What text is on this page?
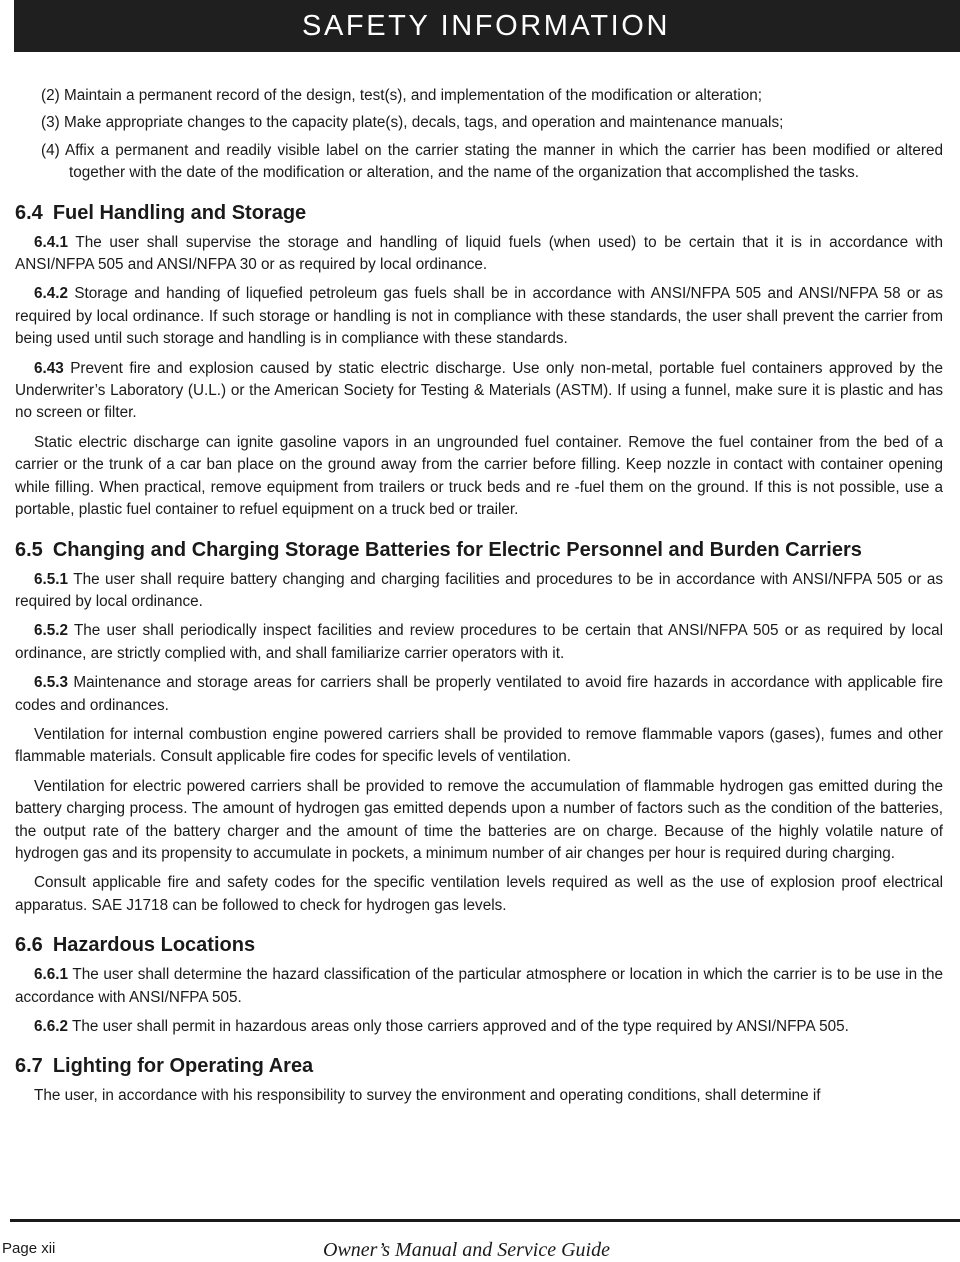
SAFETY INFORMATION

(2) Maintain a permanent record of the design, test(s), and implementation of the modification or alteration;

(3) Make appropriate changes to the capacity plate(s), decals, tags, and operation and maintenance manuals;

(4) Affix a permanent and readily visible label on the carrier stating the manner in which the carrier has been modified or altered together with the date of the modification or alteration, and the name of the organization that accomplished the tasks.

6.4 Fuel Handling and Storage

6.4.1 The user shall supervise the storage and handling of liquid fuels (when used) to be certain that it is in accordance with ANSI/NFPA 505 and ANSI/NFPA 30 or as required by local ordinance.

6.4.2 Storage and handing of liquefied petroleum gas fuels shall be in accordance with ANSI/NFPA 505 and ANSI/NFPA 58 or as required by local ordinance. If such storage or handling is not in compliance with these standards, the user shall prevent the carrier from being used until such storage and handling is in compliance with these standards.

6.43 Prevent fire and explosion caused by static electric discharge. Use only non-metal, portable fuel containers approved by the Underwriter’s Laboratory (U.L.) or the American Society for Testing & Materials (ASTM). If using a funnel, make sure it is plastic and has no screen or filter.

Static electric discharge can ignite gasoline vapors in an ungrounded fuel container. Remove the fuel container from the bed of a carrier or the trunk of a car ban place on the ground away from the carrier before filling. Keep nozzle in contact with container opening while filling. When practical, remove equipment from trailers or truck beds and re -fuel them on the ground. If this is not possible, use a portable, plastic fuel container to refuel equipment on a truck bed or trailer.

6.5 Changing and Charging Storage Batteries for Electric Personnel and Burden Carriers

6.5.1 The user shall require battery changing and charging facilities and procedures to be in accordance with ANSI/NFPA 505 or as required by local ordinance.

6.5.2 The user shall periodically inspect facilities and review procedures to be certain that ANSI/NFPA 505 or as required by local ordinance, are strictly complied with, and shall familiarize carrier operators with it.

6.5.3 Maintenance and storage areas for carriers shall be properly ventilated to avoid fire hazards in accordance with applicable fire codes and ordinances.

Ventilation for internal combustion engine powered carriers shall be provided to remove flammable vapors (gases), fumes and other flammable materials. Consult applicable fire codes for specific levels of ventilation.

Ventilation for electric powered carriers shall be provided to remove the accumulation of flammable hydrogen gas emitted during the battery charging process. The amount of hydrogen gas emitted depends upon a number of factors such as the condition of the batteries, the output rate of the battery charger and the amount of time the batteries are on charge. Because of the highly volatile nature of hydrogen gas and its propensity to accumulate in pockets, a minimum number of air changes per hour is required during charging.

Consult applicable fire and safety codes for the specific ventilation levels required as well as the use of explosion proof electrical apparatus. SAE J1718 can be followed to check for hydrogen gas levels.

6.6 Hazardous Locations

6.6.1 The user shall determine the hazard classification of the particular atmosphere or location in which the carrier is to be use in the accordance with ANSI/NFPA 505.

6.6.2 The user shall permit in hazardous areas only those carriers approved and of the type required by ANSI/NFPA 505.

6.7 Lighting for Operating Area

The user, in accordance with his responsibility to survey the environment and operating conditions, shall determine if

Page xii	Owner’s Manual and Service Guide
